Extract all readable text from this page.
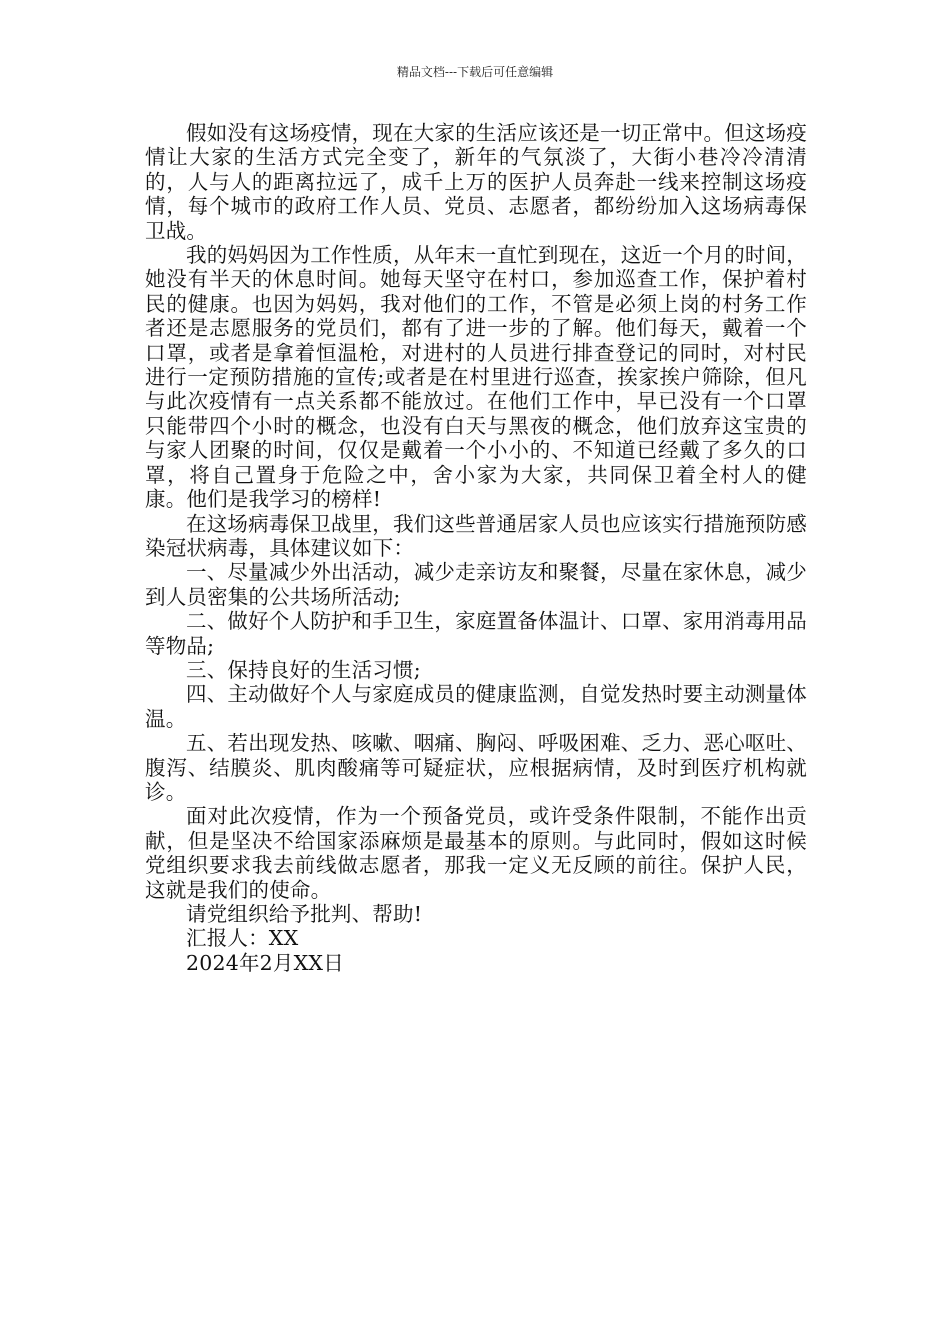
精品文档---下载后可任意编辑

假如没有这场疫情，现在大家的生活应该还是一切正常中。但这场疫情让大家的生活方式完全变了，新年的气氛淡了，大街小巷冷冷清清的，人与人的距离拉远了，成千上万的医护人员奔赴一线来控制这场疫情，每个城市的政府工作人员、党员、志愿者，都纷纷加入这场病毒保卫战。

我的妈妈因为工作性质，从年末一直忙到现在，这近一个月的时间，她没有半天的休息时间。她每天坚守在村口，参加巡查工作，保护着村民的健康。也因为妈妈，我对他们的工作，不管是必须上岗的村务工作者还是志愿服务的党员们，都有了进一步的了解。他们每天，戴着一个口罩，或者是拿着恒温枪，对进村的人员进行排查登记的同时，对村民进行一定预防措施的宣传;或者是在村里进行巡查，挨家挨户筛除，但凡与此次疫情有一点关系都不能放过。在他们工作中，早已没有一个口罩只能带四个小时的概念，也没有白天与黑夜的概念，他们放弃这宝贵的与家人团聚的时间，仅仅是戴着一个小小的、不知道已经戴了多久的口罩，将自己置身于危险之中，舍小家为大家，共同保卫着全村人的健康。他们是我学习的榜样!

在这场病毒保卫战里，我们这些普通居家人员也应该实行措施预防感染冠状病毒，具体建议如下：

一、尽量减少外出活动，减少走亲访友和聚餐，尽量在家休息，减少到人员密集的公共场所活动;

二、做好个人防护和手卫生，家庭置备体温计、口罩、家用消毒用品等物品;

三、保持良好的生活习惯;

四、主动做好个人与家庭成员的健康监测，自觉发热时要主动测量体温。

五、若出现发热、咳嗽、咽痛、胸闷、呼吸困难、乏力、恶心呕吐、腹泻、结膜炎、肌肉酸痛等可疑症状，应根据病情，及时到医疗机构就诊。

面对此次疫情，作为一个预备党员，或许受条件限制，不能作出贡献，但是坚决不给国家添麻烦是最基本的原则。与此同时，假如这时候党组织要求我去前线做志愿者，那我一定义无反顾的前往。保护人民，这就是我们的使命。

请党组织给予批判、帮助!

汇报人：XX

2024年2月XX日
